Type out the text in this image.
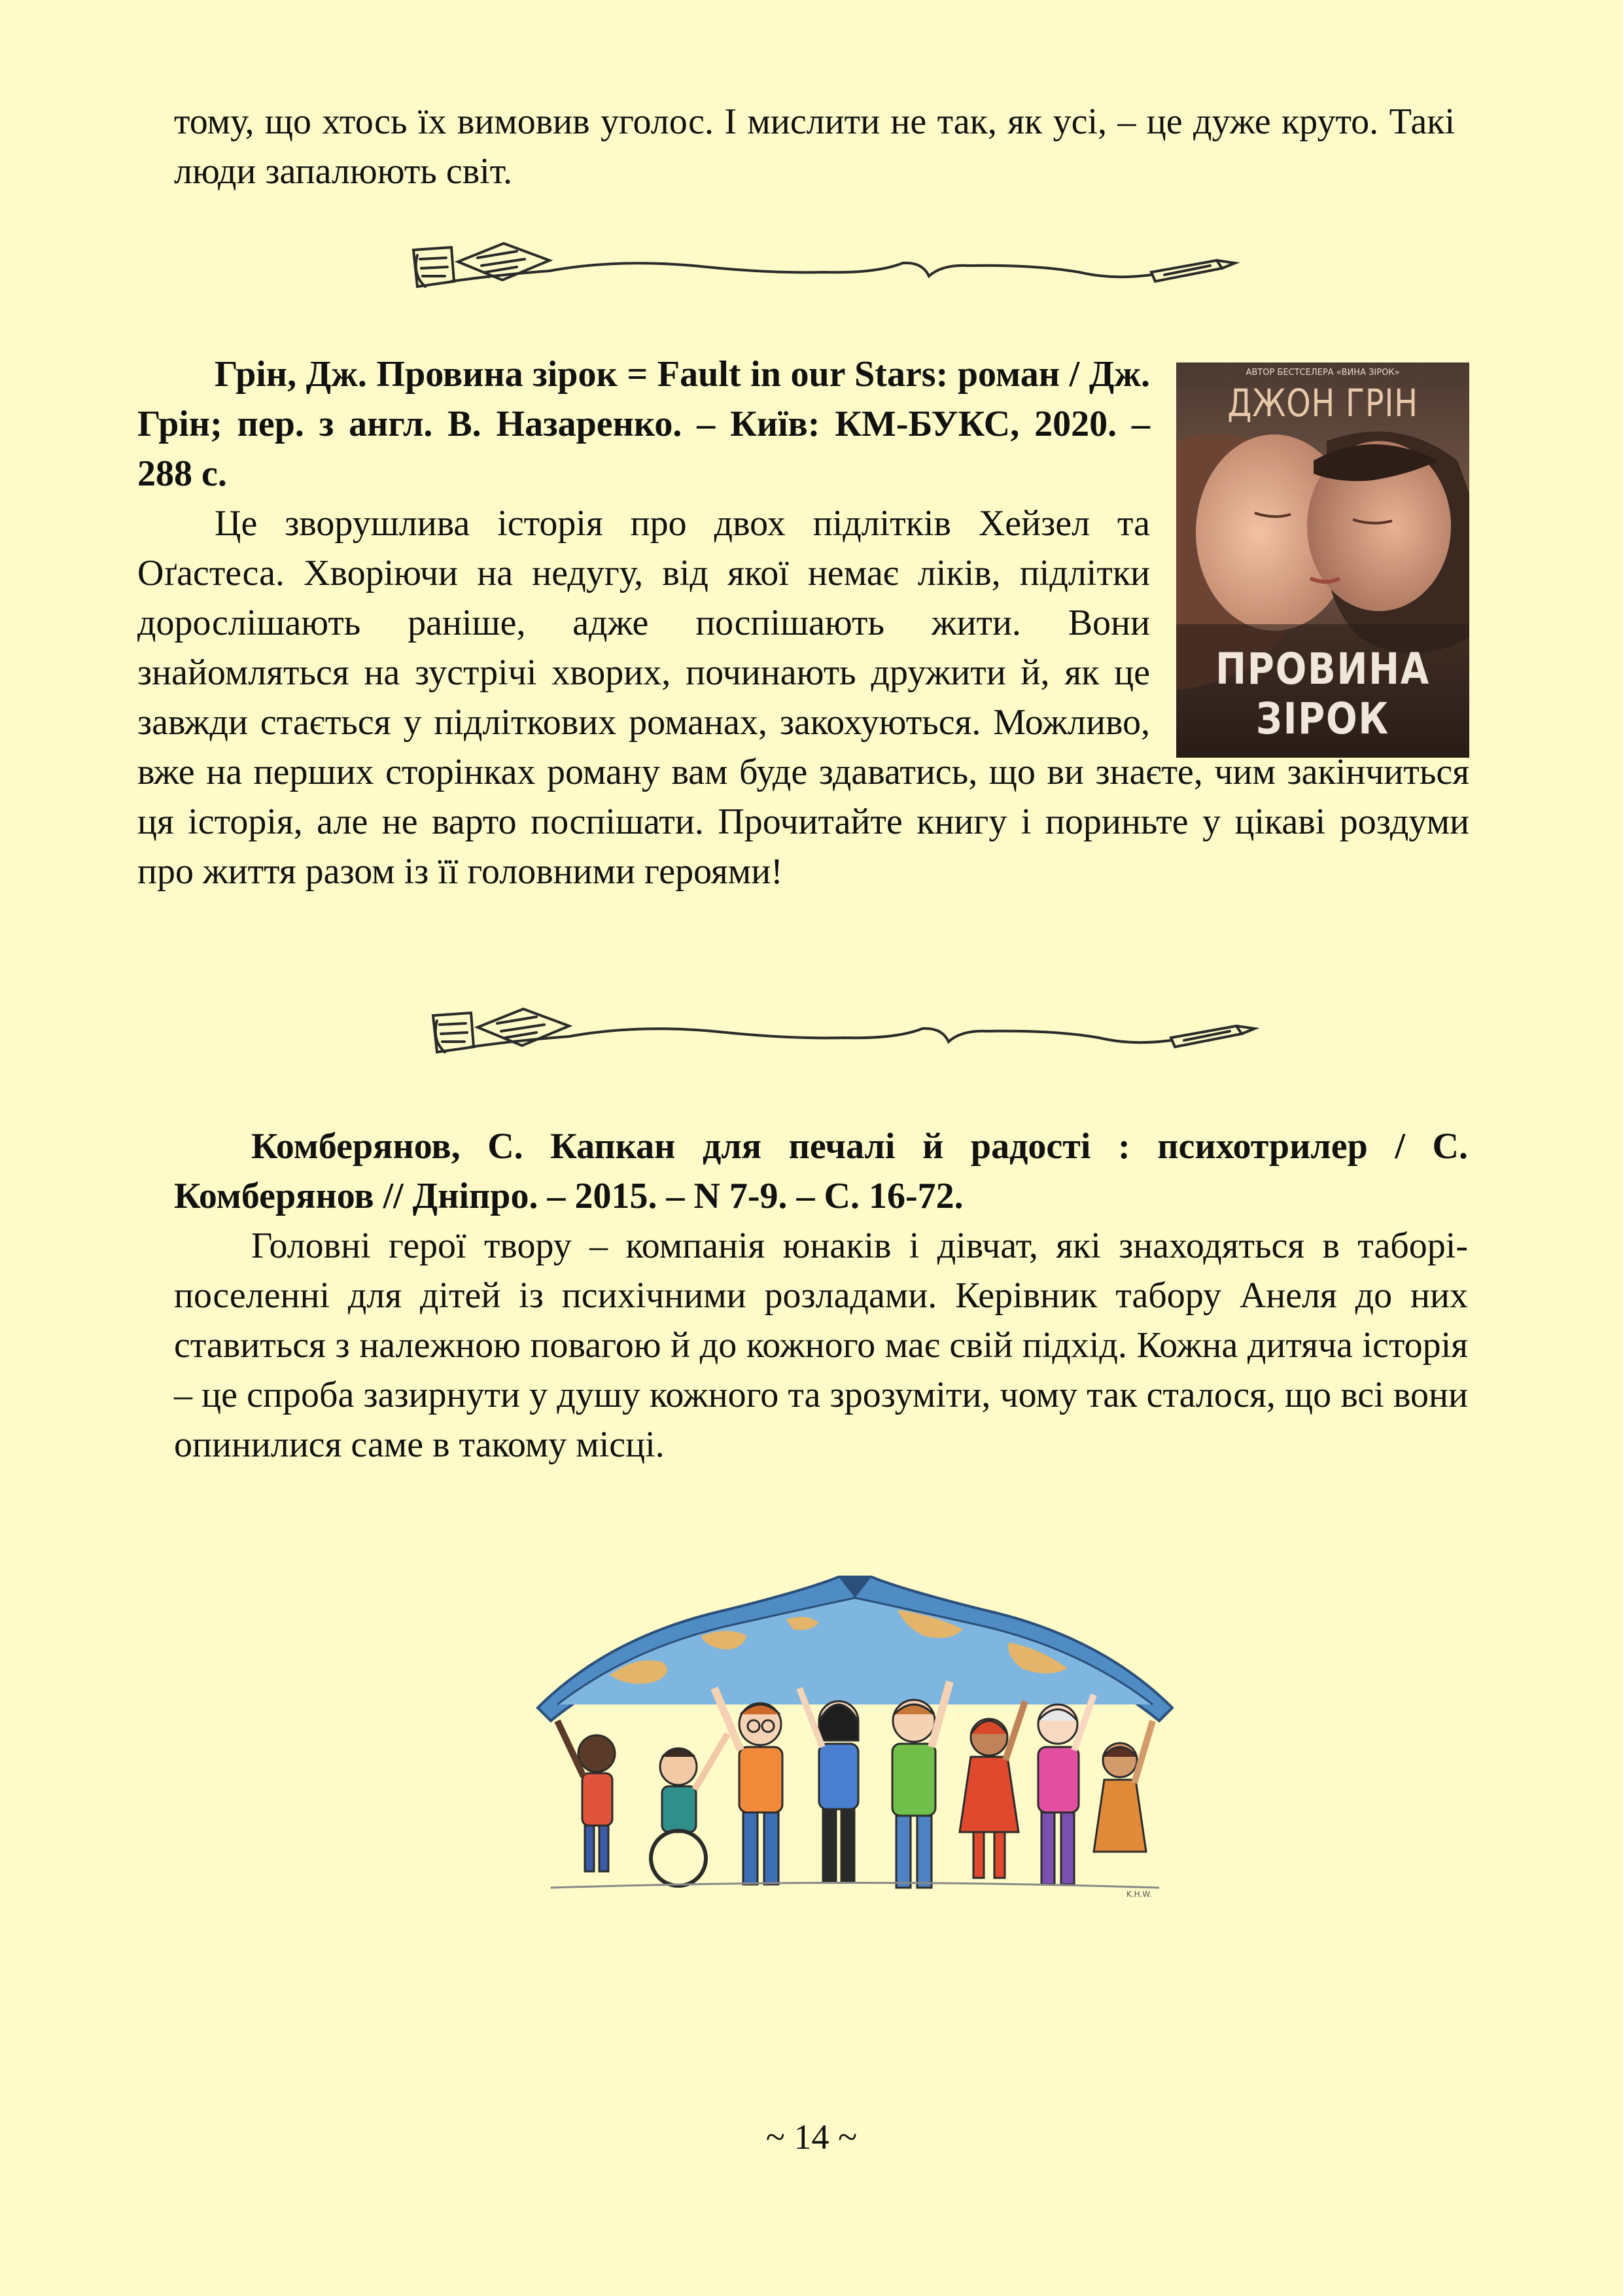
тому, що хтось їх вимовив уголос. І мислити не так, як усі, – це дуже круто. Такі люди запалюють світ.

Грін, Дж. Провина зірок = Fault in our Stars: роман / Дж. Грін; пер. з англ. В. Назаренко. – Київ: КМ-БУКС, 2020. – 288 с.

АВТОР БЕСТСЕЛЕРА «ВИНА ЗІРОК»
ДЖОН ГРІН
ПРОВИНА
ЗІРОК

Це зворушлива історія про двох підлітків Хейзел та Оґастеса. Хворіючи на недугу, від якої немає ліків, підлітки дорослішають раніше, адже поспішають жити. Вони знайомляться на зустрічі хворих, починають дружити й, як це завжди стається у підліткових романах, закохуються. Можливо, вже на перших сторінках роману вам буде здаватись, що ви знаєте, чим закінчиться ця історія, але не варто поспішати. Прочитайте книгу і пориньте у цікаві роздуми про життя разом із її головними героями!

Комберянов, С. Капкан для печалі й радості : психотрилер / С. Комберянов // Дніпро. – 2015. – N 7-9. – С. 16-72.

Головні герої твору – компанія юнаків і дівчат, які знаходяться в таборі-поселенні для дітей із психічними розладами. Керівник табору Анеля до них ставиться з належною повагою й до кожного має свій підхід. Кожна дитяча історія – це спроба зазирнути у душу кожного та зрозуміти, чому так сталося, що всі вони опинилися саме в такому місці.

K.H.W.
~ 14 ~
